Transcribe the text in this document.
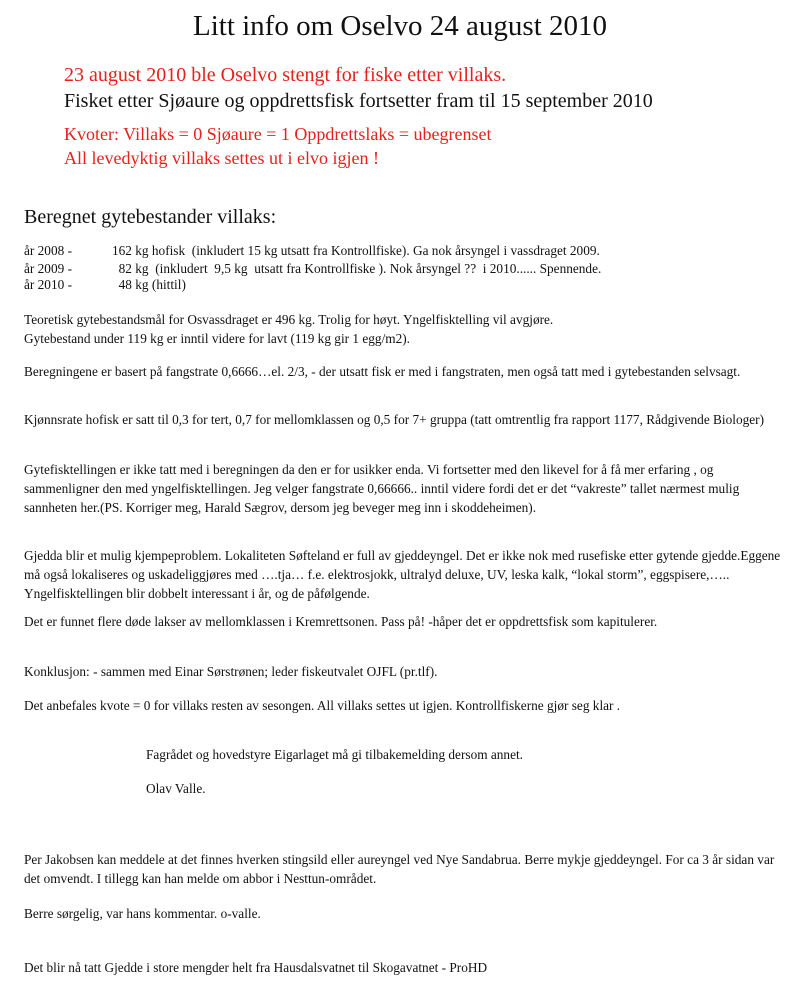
Litt info om Oselvo 24 august 2010
23 august 2010 ble Oselvo stengt for fiske etter villaks.
Fisket etter Sjøaure og oppdrettsfisk fortsetter fram til 15 september 2010
Kvoter: Villaks = 0 Sjøaure = 1 Oppdrettslaks = ubegrenset
All levedyktig villaks settes ut i elvo igjen !
Beregnet gytebestander villaks:
år 2008 -	162 kg hofisk  (inkludert 15 kg utsatt fra Kontrollfiske). Ga nok årsyngel i vassdraget 2009.
år 2009 -	82 kg  (inkludert  9,5 kg  utsatt fra Kontrollfiske ). Nok årsyngel ??  i 2010...... Spennende.
år 2010 -	48 kg (hittil)
Teoretisk gytebestandsmål for Osvassdraget er 496 kg. Trolig for høyt. Yngelfisktelling vil avgjøre.
Gytebestand under 119 kg er inntil videre for lavt (119 kg gir 1 egg/m2).
Beregningene er basert på fangstrate 0,6666…el. 2/3, - der utsatt fisk er med i fangstraten, men også tatt med i gytebestanden selvsagt.
Kjønnsrate hofisk er satt til 0,3 for tert, 0,7 for mellomklassen og 0,5 for 7+ gruppa (tatt omtrentlig fra rapport 1177, Rådgivende Biologer)
Gytefisktellingen er ikke tatt med i beregningen da den er for usikker enda. Vi fortsetter med den likevel for å få mer erfaring , og sammenligner den med yngelfisktellingen. Jeg velger fangstrate 0,66666.. inntil videre fordi det er det “vakreste” tallet nærmest mulig sannheten her.(PS. Korriger meg, Harald Sægrov, dersom jeg beveger meg inn i skoddeheimen).
Gjedda blir et mulig kjempeproblem. Lokaliteten Søfteland er full av gjeddeyngel. Det er ikke nok med rusefiske etter gytende gjedde.Eggene må også lokaliseres og uskadeliggjøres med ….tja… f.e. elektrosjokk, ultralyd deluxe, UV, leska kalk, “lokal storm”, eggspisere,….. Yngelfisktellingen blir dobbelt interessant i år, og de påfølgende.
Det er funnet flere døde lakser av mellomklassen i Kremrettsonen. Pass på! -håper det er oppdrettsfisk som kapitulerer.
Konklusjon: - sammen med Einar Sørstrønen; leder fiskeutvalet OJFL (pr.tlf).
Det anbefales kvote = 0 for villaks resten av sesongen. All villaks settes ut igjen. Kontrollfiskerne gjør seg klar .
Fagrådet og hovedstyre Eigarlaget må gi tilbakemelding dersom annet.
Olav Valle.
Per Jakobsen kan meddele at det finnes hverken stingsild eller aureyngel ved Nye Sandabrua. Berre mykje gjeddeyngel. For ca 3 år sidan var det omvendt. I tillegg kan han melde om abbor i Nesttun-området.
Berre sørgelig, var hans kommentar. o-valle.
Det blir nå tatt Gjedde i store mengder helt fra Hausdalsvatnet til Skogavatnet - ProHD
